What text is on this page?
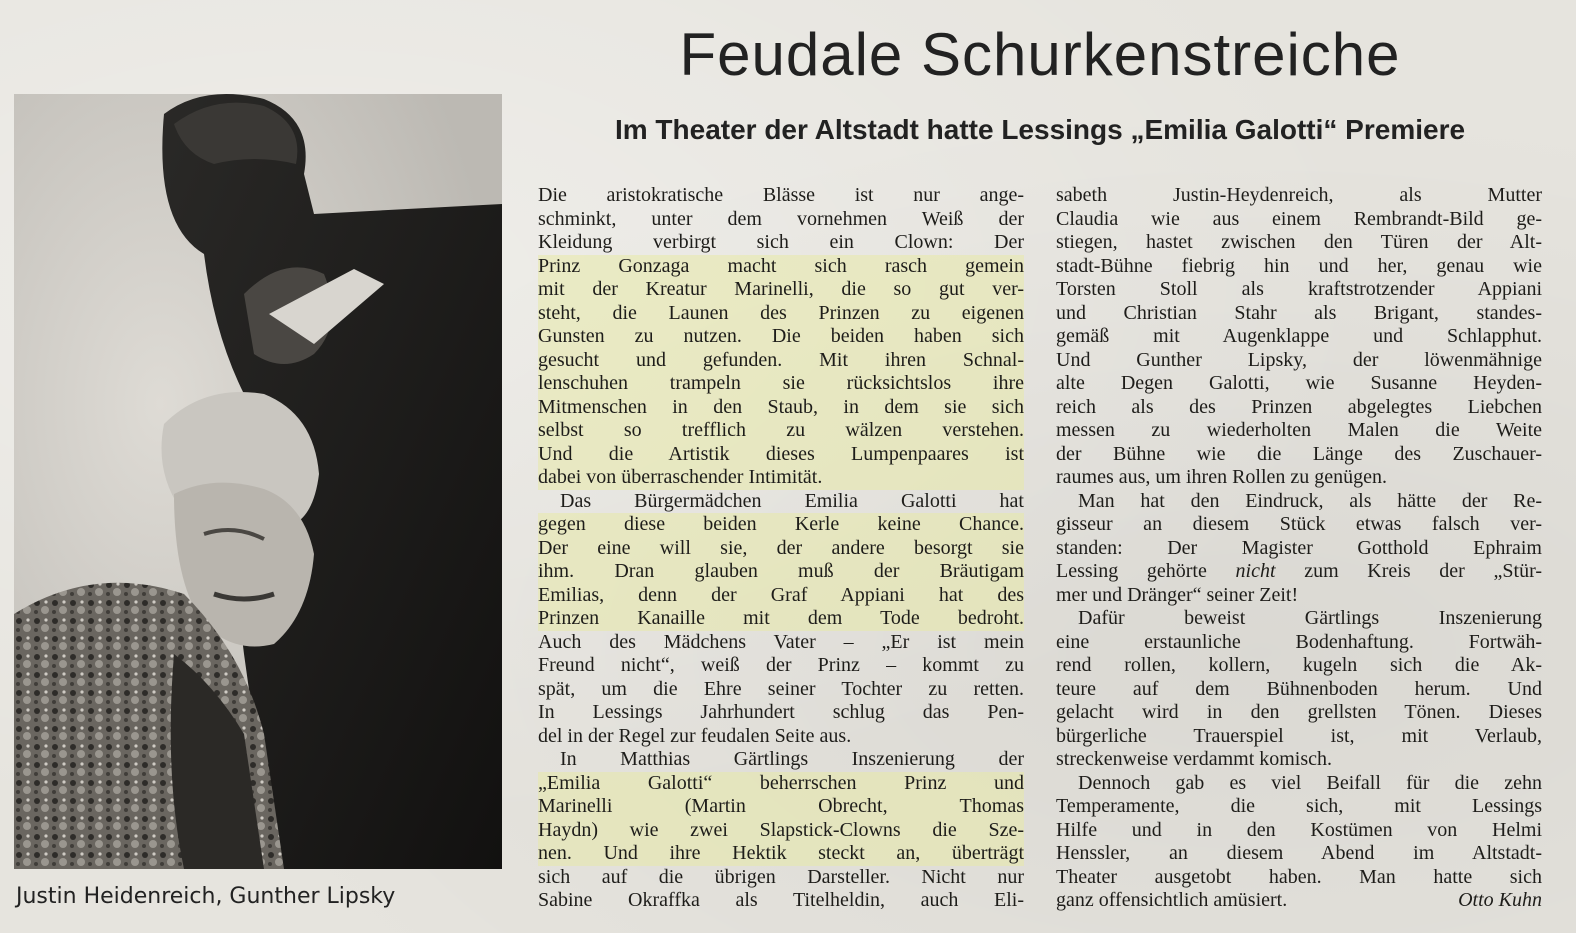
Feudale Schurkenstreiche
Im Theater der Altstadt hatte Lessings „Emilia Galotti“ Premiere
Justin Heidenreich, Gunther Lipsky
Die aristokratische Blässe ist nur ange-
schminkt, unter dem vornehmen Weiß der
Kleidung verbirgt sich ein Clown: Der
Prinz Gonzaga macht sich rasch gemein
mit der Kreatur Marinelli, die so gut ver-
steht, die Launen des Prinzen zu eigenen
Gunsten zu nutzen. Die beiden haben sich
gesucht und gefunden. Mit ihren Schnal-
lenschuhen trampeln sie rücksichtslos ihre
Mitmenschen in den Staub, in dem sie sich
selbst so trefflich zu wälzen verstehen.
Und die Artistik dieses Lumpenpaares ist
dabei von überraschender Intimität.
Das Bürgermädchen Emilia Galotti hat
gegen diese beiden Kerle keine Chance.
Der eine will sie, der andere besorgt sie
ihm. Dran glauben muß der Bräutigam
Emilias, denn der Graf Appiani hat des
Prinzen Kanaille mit dem Tode bedroht.
Auch des Mädchens Vater – „Er ist mein
Freund nicht“, weiß der Prinz – kommt zu
spät, um die Ehre seiner Tochter zu retten.
In Lessings Jahrhundert schlug das Pen-
del in der Regel zur feudalen Seite aus.
In Matthias Gärtlings Inszenierung der
„Emilia Galotti“ beherrschen Prinz und
Marinelli (Martin Obrecht, Thomas
Haydn) wie zwei Slapstick-Clowns die Sze-
nen. Und ihre Hektik steckt an, überträgt
sich auf die übrigen Darsteller. Nicht nur
Sabine Okraffka als Titelheldin, auch Eli-
sabeth Justin-Heydenreich, als Mutter
Claudia wie aus einem Rembrandt-Bild ge-
stiegen, hastet zwischen den Türen der Alt-
stadt-Bühne fiebrig hin und her, genau wie
Torsten Stoll als kraftstrotzender Appiani
und Christian Stahr als Brigant, standes-
gemäß mit Augenklappe und Schlapphut.
Und Gunther Lipsky, der löwenmähnige
alte Degen Galotti, wie Susanne Heyden-
reich als des Prinzen abgelegtes Liebchen
messen zu wiederholten Malen die Weite
der Bühne wie die Länge des Zuschauer-
raumes aus, um ihren Rollen zu genügen.
Man hat den Eindruck, als hätte der Re-
gisseur an diesem Stück etwas falsch ver-
standen: Der Magister Gotthold Ephraim
Lessing gehörte nicht zum Kreis der „Stür-
mer und Dränger“ seiner Zeit!
Dafür beweist Gärtlings Inszenierung
eine erstaunliche Bodenhaftung. Fortwäh-
rend rollen, kollern, kugeln sich die Ak-
teure auf dem Bühnenboden herum. Und
gelacht wird in den grellsten Tönen. Dieses
bürgerliche Trauerspiel ist, mit Verlaub,
streckenweise verdammt komisch.
Dennoch gab es viel Beifall für die zehn
Temperamente, die sich, mit Lessings
Hilfe und in den Kostümen von Helmi
Henssler, an diesem Abend im Altstadt-
Theater ausgetobt haben. Man hatte sich
ganz offensichtlich amüsiert.	Otto Kuhn
